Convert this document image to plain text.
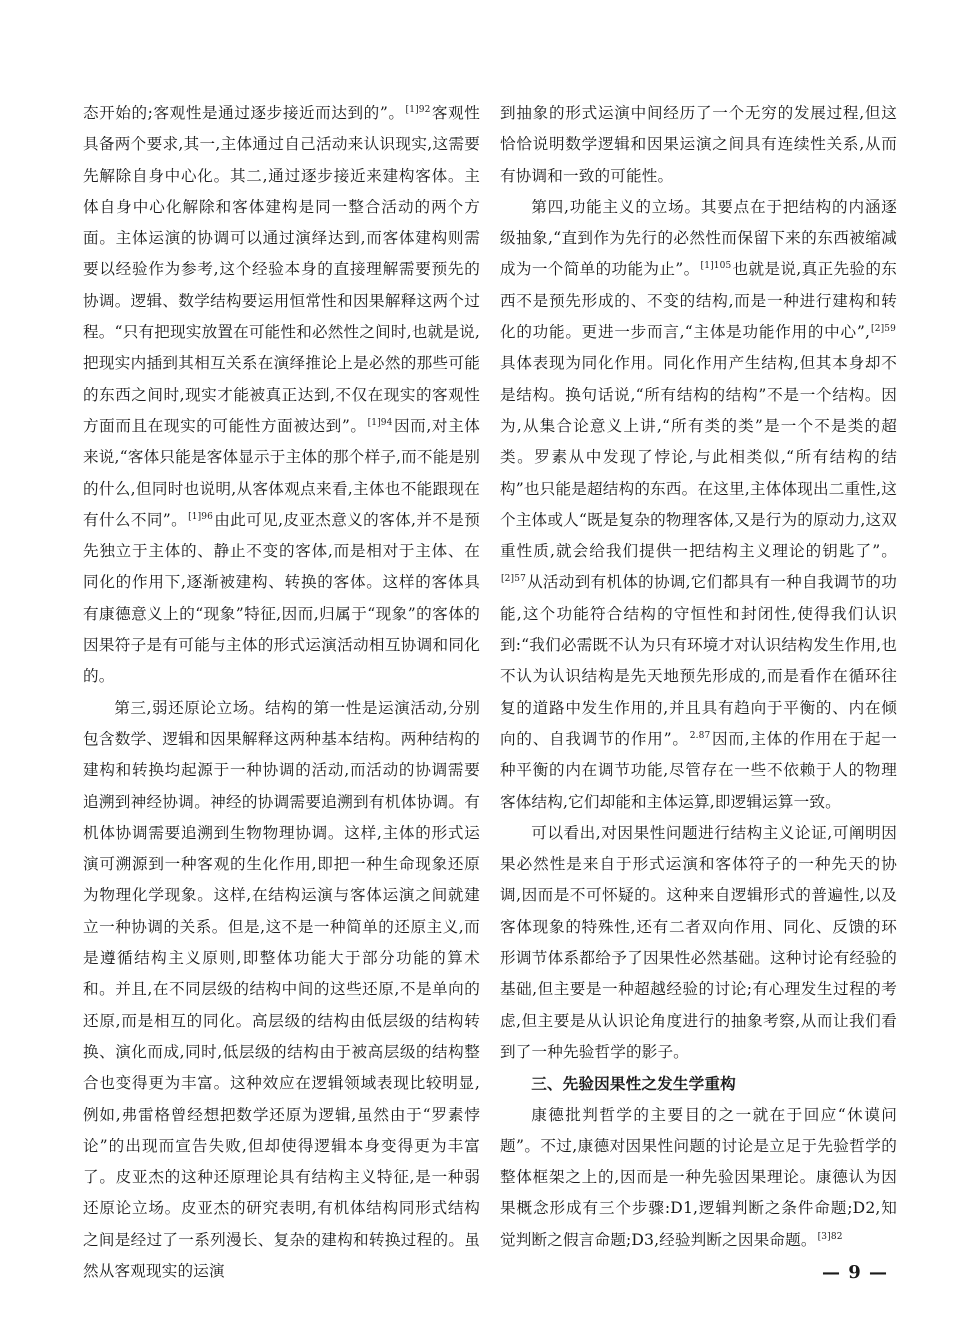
态开始的;客观性是通过逐步接近而达到的”。$^{[1]92}$客观性具备两个要求,其一,主体通过自己活动来认识现实,这需要先解除自身中心化。其二,通过逐步接近来建构客体。主体自身中心化解除和客体建构是同一整合活动的两个方面。主体运演的协调可以通过演绎达到,而客体建构则需要以经验作为参考,这个经验本身的直接理解需要预先的协调。逻辑、数学结构要运用恒常性和因果解释这两个过程。“只有把现实放置在可能性和必然性之间时,也就是说,把现实内插到其相互关系在演绎推论上是必然的那些可能的东西之间时,现实才能被真正达到,不仅在现实的客观性方面而且在现实的可能性方面被达到”。$^{[1]94}$因而,对主体来说,“客体只能是客体显示于主体的那个样子,而不能是别的什么,但同时也说明,从客体观点来看,主体也不能跟现在有什么不同”。$^{[1]96}$由此可见,皮亚杰意义的客体,并不是预先独立于主体的、静止不变的客体,而是相对于主体、在同化的作用下,逐渐被建构、转换的客体。这样的客体具有康德意义上的“现象”特征,因而,归属于“现象”的客体的因果符子是有可能与主体的形式运演活动相互协调和同化的。

第三,弱还原论立场。结构的第一性是运演活动,分别包含数学、逻辑和因果解释这两种基本结构。两种结构的建构和转换均起源于一种协调的活动,而活动的协调需要追溯到神经协调。神经的协调需要追溯到有机体协调。有机体协调需要追溯到生物物理协调。这样,主体的形式运演可溯源到一种客观的生化作用,即把一种生命现象还原为物理化学现象。这样,在结构运演与客体运演之间就建立一种协调的关系。但是,这不是一种简单的还原主义,而是遵循结构主义原则,即整体功能大于部分功能的算术和。并且,在不同层级的结构中间的这些还原,不是单向的还原,而是相互的同化。高层级的结构由低层级的结构转换、演化而成,同时,低层级的结构由于被高层级的结构整合也变得更为丰富。这种效应在逻辑领域表现比较明显,例如,弗雷格曾经想把数学还原为逻辑,虽然由于“罗素悖论”的出现而宣告失败,但却使得逻辑本身变得更为丰富了。皮亚杰的这种还原理论具有结构主义特征,是一种弱还原论立场。皮亚杰的研究表明,有机体结构同形式结构之间是经过了一系列漫长、复杂的建构和转换过程的。虽然从客观现实的运演

到抽象的形式运演中间经历了一个无穷的发展过程,但这恰恰说明数学逻辑和因果运演之间具有连续性关系,从而有协调和一致的可能性。

第四,功能主义的立场。其要点在于把结构的内涵逐级抽象,“直到作为先行的必然性而保留下来的东西被缩减成为一个简单的功能为止”。$^{[1]105}$也就是说,真正先验的东西不是预先形成的、不变的结构,而是一种进行建构和转化的功能。更进一步而言,“主体是功能作用的中心”,$^{[2]59}$具体表现为同化作用。同化作用产生结构,但其本身却不是结构。换句话说,“所有结构的结构”不是一个结构。因为,从集合论意义上讲,“所有类的类”是一个不是类的超类。罗素从中发现了悖论,与此相类似,“所有结构的结构”也只能是超结构的东西。在这里,主体体现出二重性,这个主体或人“既是复杂的物理客体,又是行为的原动力,这双重性质,就会给我们提供一把结构主义理论的钥匙了”。$^{[2]57}$从活动到有机体的协调,它们都具有一种自我调节的功能,这个功能符合结构的守恒性和封闭性,使得我们认识到:“我们必需既不认为只有环境才对认识结构发生作用,也不认为认识结构是先天地预先形成的,而是看作在循环往复的道路中发生作用的,并且具有趋向于平衡的、内在倾向的、自我调节的作用”。$^{2.87}$因而,主体的作用在于起一种平衡的内在调节功能,尽管存在一些不依赖于人的物理客体结构,它们却能和主体运算,即逻辑运算一致。

可以看出,对因果性问题进行结构主义论证,可阐明因果必然性是来自于形式运演和客体符子的一种先天的协调,因而是不可怀疑的。这种来自逻辑形式的普遍性,以及客体现象的特殊性,还有二者双向作用、同化、反馈的环形调节体系都给予了因果性必然基础。这种讨论有经验的基础,但主要是一种超越经验的讨论;有心理发生过程的考虑,但主要是从认识论角度进行的抽象考察,从而让我们看到了一种先验哲学的影子。

三、先验因果性之发生学重构

康德批判哲学的主要目的之一就在于回应“休谟问题”。不过,康德对因果性问题的讨论是立足于先验哲学的整体框架之上的,因而是一种先验因果理论。康德认为因果概念形成有三个步骤:D1,逻辑判断之条件命题;D2,知觉判断之假言命题;D3,经验判断之因果命题。$^{[3]82}$

— 9 —
